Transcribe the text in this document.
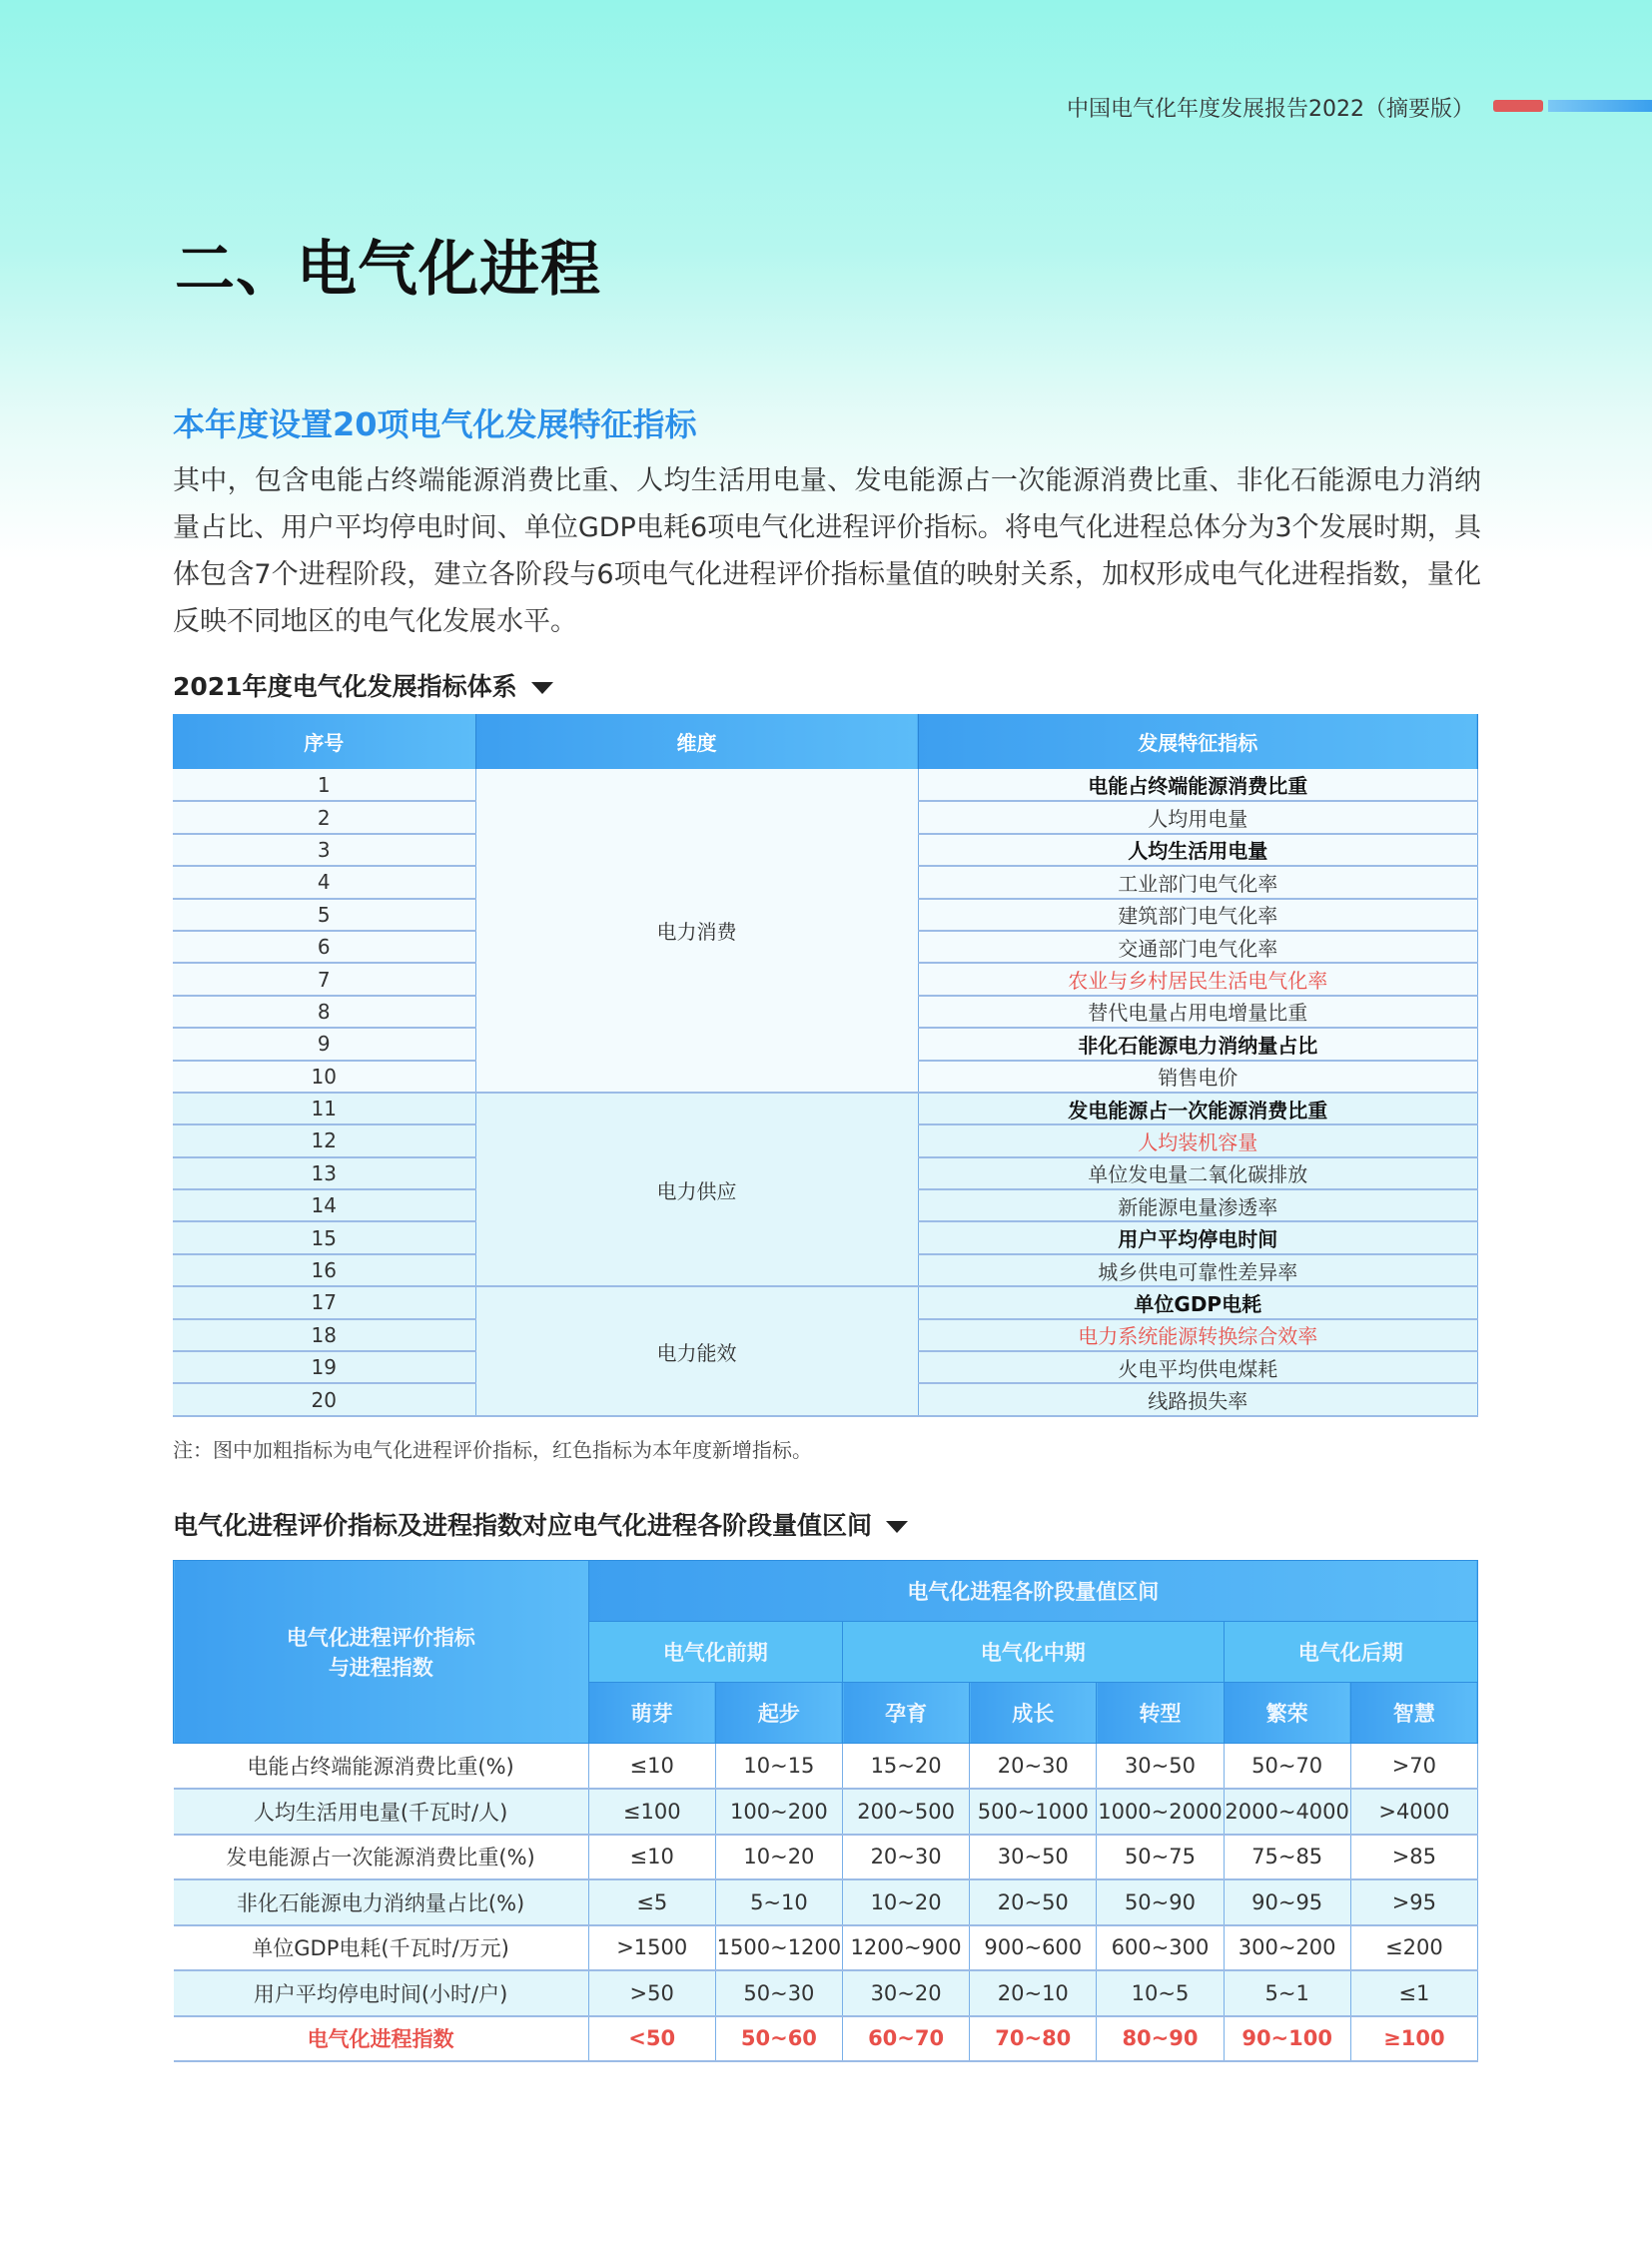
中国电气化年度发展报告2022（摘要版）
二、电气化进程
本年度设置20项电气化发展特征指标

其中，包含电能占终端能源消费比重、人均生活用电量、发电能源占一次能源消费比重、非化石能源电力消纳量占比、用户平均停电时间、单位GDP电耗6项电气化进程评价指标。将电气化进程总体分为3个发展时期，具体包含7个进程阶段，建立各阶段与6项电气化进程评价指标量值的映射关系，加权形成电气化进程指数，量化反映不同地区的电气化发展水平。

2021年度电气化发展指标体系
序号	维度	发展特征指标
1	电力消费	电能占终端能源消费比重
2		人均用电量
3		人均生活用电量
4		工业部门电气化率
5		建筑部门电气化率
6		交通部门电气化率
7		农业与乡村居民生活电气化率
8		替代电量占用电增量比重
9		非化石能源电力消纳量占比
10		销售电价
11	电力供应	发电能源占一次能源消费比重
12		人均装机容量
13		单位发电量二氧化碳排放
14		新能源电量渗透率
15		用户平均停电时间
16		城乡供电可靠性差异率
17	电力能效	单位GDP电耗
18		电力系统能源转换综合效率
19		火电平均供电煤耗
20		线路损失率
注：图中加粗指标为电气化进程评价指标，红色指标为本年度新增指标。
电气化进程评价指标及进程指数对应电气化进程各阶段量值区间
电气化进程评价指标
与进程指数	电气化进程各阶段量值区间						
	电气化前期		电气化中期			电气化后期	
	萌芽	起步	孕育	成长	转型	繁荣	智慧
电能占终端能源消费比重(%)	≤10	10~15	15~20	20~30	30~50	50~70	>70
人均生活用电量(千瓦时/人)	≤100	100~200	200~500	500~1000	1000~2000	2000~4000	>4000
发电能源占一次能源消费比重(%)	≤10	10~20	20~30	30~50	50~75	75~85	>85
非化石能源电力消纳量占比(%)	≤5	5~10	10~20	20~50	50~90	90~95	>95
单位GDP电耗(千瓦时/万元)	>1500	1500~1200	1200~900	900~600	600~300	300~200	≤200
用户平均停电时间(小时/户)	>50	50~30	30~20	20~10	10~5	5~1	≤1
电气化进程指数	<50	50~60	60~70	70~80	80~90	90~100	≥100
